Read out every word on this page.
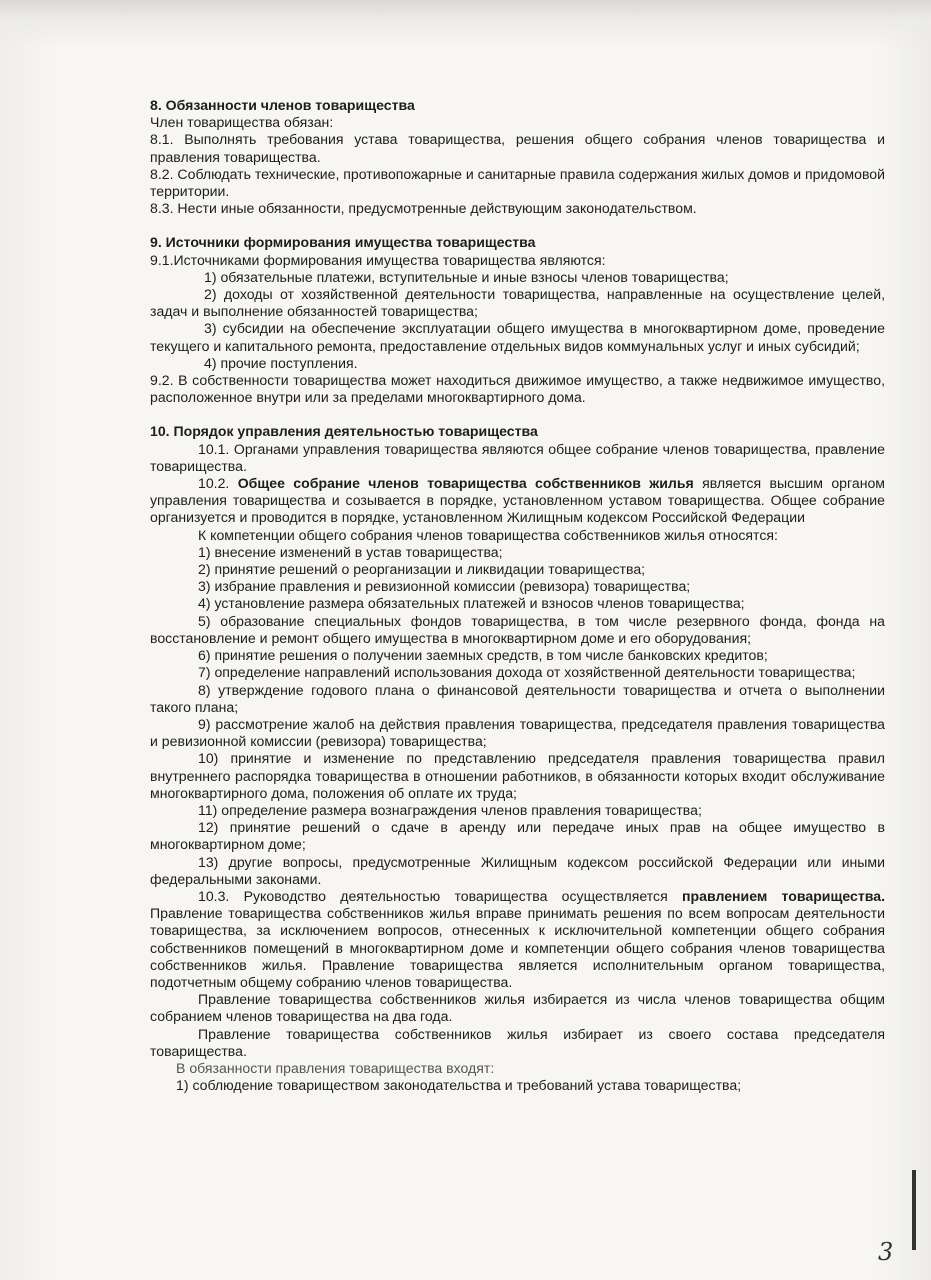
8. Обязанности членов товарищества

Член товарищества обязан:

8.1. Выполнять требования устава товарищества, решения общего собрания членов товарищества и правления товарищества.

8.2. Соблюдать технические, противопожарные и санитарные правила содержания жилых домов и придомовой территории.

8.3. Нести иные обязанности, предусмотренные действующим законодательством.

9. Источники формирования имущества товарищества

9.1.Источниками формирования имущества товарищества являются:

1) обязательные платежи, вступительные и иные взносы членов товарищества;

2) доходы от хозяйственной деятельности товарищества, направленные на осуществление целей, задач и выполнение обязанностей товарищества;

3) субсидии на обеспечение эксплуатации общего имущества в многоквартирном доме, проведение текущего и капитального ремонта, предоставление отдельных видов коммунальных услуг и иных субсидий;

4) прочие поступления.

9.2. В собственности товарищества может находиться движимое имущество, а также недвижимое имущество, расположенное внутри или за пределами многоквартирного дома.

10. Порядок управления деятельностью товарищества

10.1. Органами управления товарищества являются общее собрание членов товарищества, правление товарищества.

10.2. Общее собрание членов товарищества собственников жилья является высшим органом управления товарищества и созывается в порядке, установленном уставом товарищества. Общее собрание организуется и проводится в порядке, установленном Жилищным кодексом Российской Федерации

К компетенции общего собрания членов товарищества собственников жилья относятся:

1) внесение изменений в устав товарищества;

2) принятие решений о реорганизации и ликвидации товарищества;

3) избрание правления и ревизионной комиссии (ревизора) товарищества;

4) установление размера обязательных платежей и взносов членов товарищества;

5) образование специальных фондов товарищества, в том числе резервного фонда, фонда на восстановление и ремонт общего имущества в многоквартирном доме и его оборудования;

6) принятие решения о получении заемных средств, в том числе банковских кредитов;

7) определение направлений использования дохода от хозяйственной деятельности товарищества;

8) утверждение годового плана о финансовой деятельности товарищества и отчета о выполнении такого плана;

9) рассмотрение жалоб на действия правления товарищества, председателя правления товарищества и ревизионной комиссии (ревизора) товарищества;

10) принятие и изменение по представлению председателя правления товарищества правил внутреннего распорядка товарищества в отношении работников, в обязанности которых входит обслуживание многоквартирного дома, положения об оплате их труда;

11) определение размера вознаграждения членов правления товарищества;

12) принятие решений о сдаче в аренду или передаче иных прав на общее имущество в многоквартирном доме;

13) другие вопросы, предусмотренные Жилищным кодексом российской Федерации или иными федеральными законами.

10.3. Руководство деятельностью товарищества осуществляется правлением товарищества. Правление товарищества собственников жилья вправе принимать решения по всем вопросам деятельности товарищества, за исключением вопросов, отнесенных к исключительной компетенции общего собрания собственников помещений в многоквартирном доме и компетенции общего собрания членов товарищества собственников жилья. Правление товарищества является исполнительным органом товарищества, подотчетным общему собранию членов товарищества.

Правление товарищества собственников жилья избирается из числа членов товарищества общим собранием членов товарищества на два года.

Правление товарищества собственников жилья избирает из своего состава председателя товарищества.

В обязанности правления товарищества входят:

1) соблюдение товариществом законодательства и требований устава товарищества;

3
